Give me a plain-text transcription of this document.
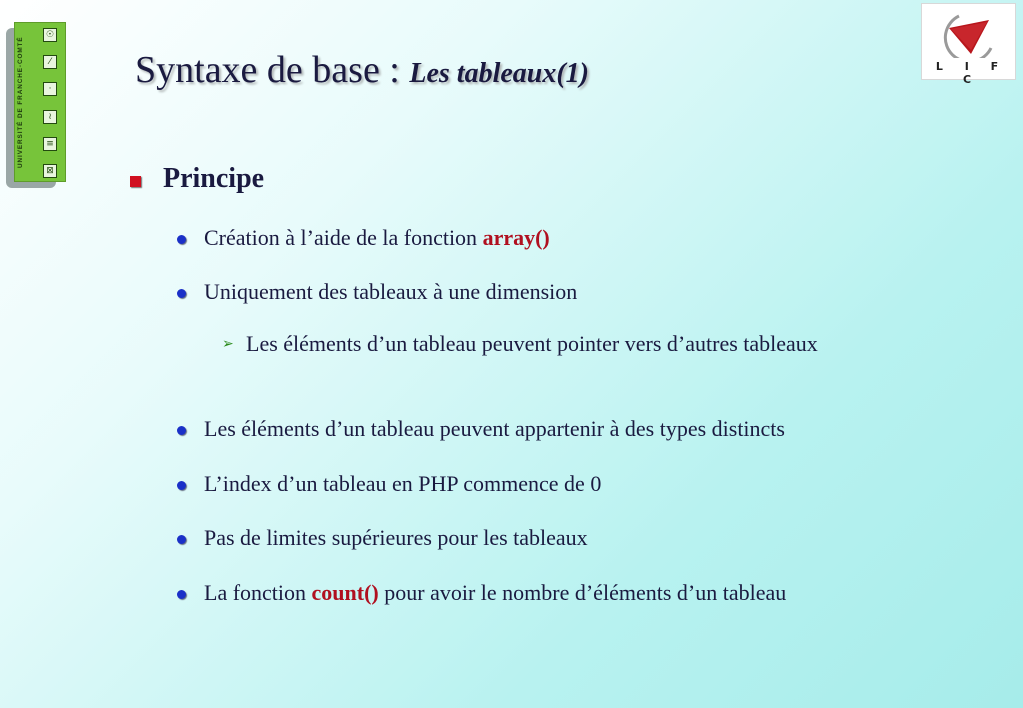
UNIVERSITÉ DE FRANCHE-COMTÉ
☉
⁄
·
≀
≡
⊠
L I F C
Syntaxe de base : Les tableaux(1)
Principe
Création à l’aide de la fonction array()
Uniquement des tableaux à une dimension
➢ Les éléments d’un tableau peuvent pointer vers d’autres tableaux
Les éléments d’un tableau peuvent appartenir à des types distincts
L’index d’un tableau en PHP commence de 0
Pas de limites supérieures pour les tableaux
La fonction count() pour avoir le nombre d’éléments d’un tableau
